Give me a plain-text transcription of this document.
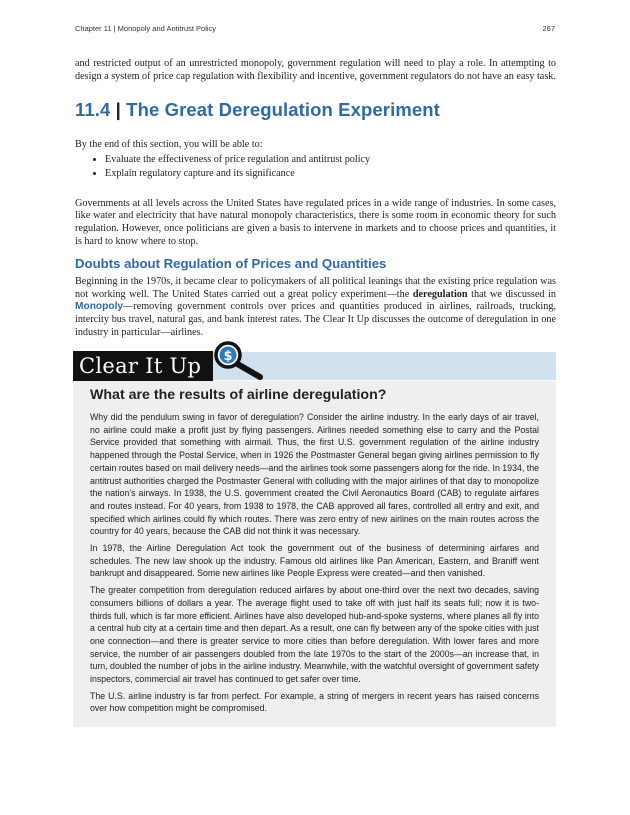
Chapter 11 | Monopoly and Antitrust Policy	267

and restricted output of an unrestricted monopoly, government regulation will need to play a role. In attempting to design a system of price cap regulation with flexibility and incentive, government regulators do not have an easy task.

11.4 | The Great Deregulation Experiment

By the end of this section, you will be able to:

• Evaluate the effectiveness of price regulation and antitrust policy
• Explain regulatory capture and its significance

Governments at all levels across the United States have regulated prices in a wide range of industries. In some cases, like water and electricity that have natural monopoly characteristics, there is some room in economic theory for such regulation. However, once politicians are given a basis to intervene in markets and to choose prices and quantities, it is hard to know where to stop.

Doubts about Regulation of Prices and Quantities

Beginning in the 1970s, it became clear to policymakers of all political leanings that the existing price regulation was not working well. The United States carried out a great policy experiment—the deregulation that we discussed in Monopoly—removing government controls over prices and quantities produced in airlines, railroads, trucking, intercity bus travel, natural gas, and bank interest rates. The Clear It Up discusses the outcome of deregulation in one industry in particular—airlines.

Clear It Up	$
What are the results of airline deregulation?

Why did the pendulum swing in favor of deregulation? Consider the airline industry. In the early days of air travel, no airline could make a profit just by flying passengers. Airlines needed something else to carry and the Postal Service provided that something with airmail. Thus, the first U.S. government regulation of the airline industry happened through the Postal Service, when in 1926 the Postmaster General began giving airlines permission to fly certain routes based on mail delivery needs—and the airlines took some passengers along for the ride. In 1934, the antitrust authorities charged the Postmaster General with colluding with the major airlines of that day to monopolize the nation’s airways. In 1938, the U.S. government created the Civil Aeronautics Board (CAB) to regulate airfares and routes instead. For 40 years, from 1938 to 1978, the CAB approved all fares, controlled all entry and exit, and specified which airlines could fly which routes. There was zero entry of new airlines on the main routes across the country for 40 years, because the CAB did not think it was necessary.

In 1978, the Airline Deregulation Act took the government out of the business of determining airfares and schedules. The new law shook up the industry. Famous old airlines like Pan American, Eastern, and Braniff went bankrupt and disappeared. Some new airlines like People Express were created—and then vanished.

The greater competition from deregulation reduced airfares by about one-third over the next two decades, saving consumers billions of dollars a year. The average flight used to take off with just half its seats full; now it is two-thirds full, which is far more efficient. Airlines have also developed hub-and-spoke systems, where planes all fly into a central hub city at a certain time and then depart. As a result, one can fly between any of the spoke cities with just one connection—and there is greater service to more cities than before deregulation. With lower fares and more service, the number of air passengers doubled from the late 1970s to the start of the 2000s—an increase that, in turn, doubled the number of jobs in the airline industry. Meanwhile, with the watchful oversight of government safety inspectors, commercial air travel has continued to get safer over time.

The U.S. airline industry is far from perfect. For example, a string of mergers in recent years has raised concerns over how competition might be compromised.
